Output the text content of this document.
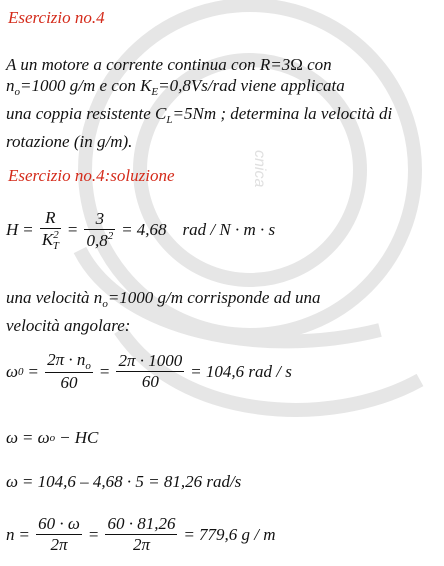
cnica
Esercizio no.4
A un motore a corrente continua con R=3Ω con
$n_o=1000$ g/m e con $K_E=0,8Vs$/rad viene applicata
una coppia resistente $C_L=5Nm$ ; determina la velocità di
rotazione (in g/m).
Esercizio no.4:soluzione
$H = \frac{R}{K^2_T} = \frac{3}{0,8^2} = 4,68$ rad / N · m · s
una velocità $n_o=1000$ g/m corrisponde ad una
velocità angolare:
ω $0 = \frac{2\pi \cdot n_o}{60} = \frac{2\pi \cdot 1000}{60} = 104,6$ rad / s
ω = ω o − HC
ω = 104,6 – 4,68 · 5 = 81,26 rad/s
$n = \frac{60 \cdot \omega}{2\pi} = \frac{60 \cdot 81,26}{2\pi} = 779,6$ g / m
